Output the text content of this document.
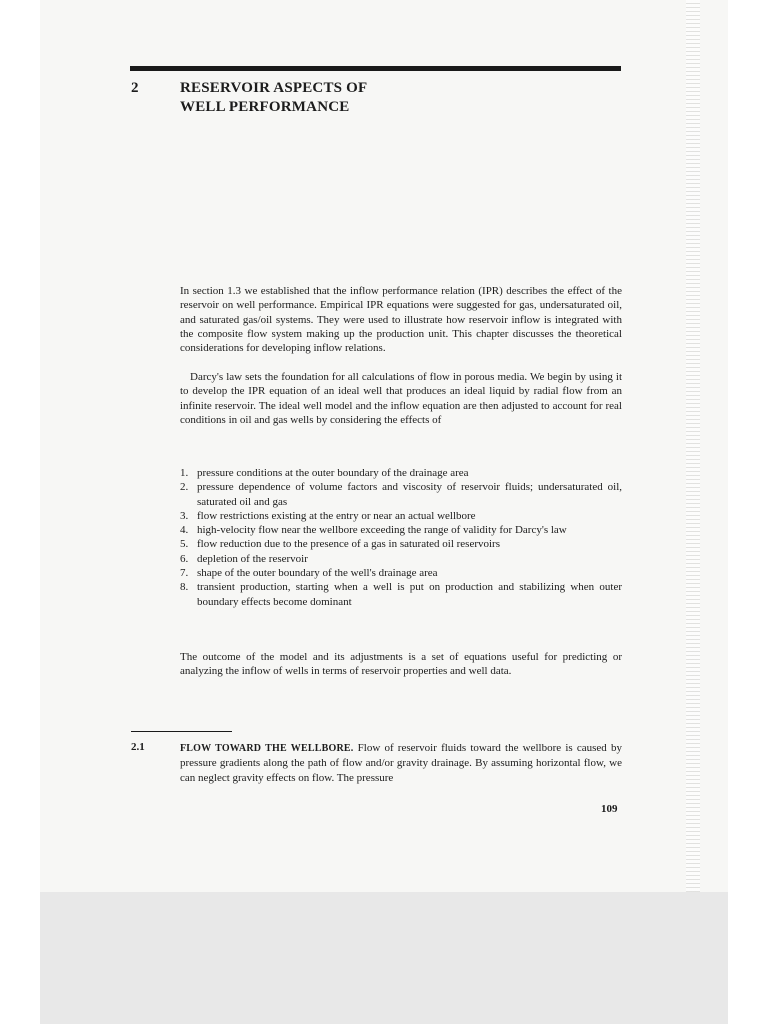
2	RESERVOIR ASPECTS OF
WELL PERFORMANCE
In section 1.3 we established that the inflow performance relation (IPR) describes the effect of the reservoir on well performance. Empirical IPR equations were suggested for gas, undersaturated oil, and saturated gas/oil systems. They were used to illustrate how reservoir inflow is integrated with the composite flow system making up the production unit. This chapter discusses the theoretical considerations for developing inflow relations.
Darcy's law sets the foundation for all calculations of flow in porous media. We begin by using it to develop the IPR equation of an ideal well that produces an ideal liquid by radial flow from an infinite reservoir. The ideal well model and the inflow equation are then adjusted to account for real conditions in oil and gas wells by considering the effects of
1. pressure conditions at the outer boundary of the drainage area
2. pressure dependence of volume factors and viscosity of reservoir fluids; undersaturated oil, saturated oil and gas
3. flow restrictions existing at the entry or near an actual wellbore
4. high-velocity flow near the wellbore exceeding the range of validity for Darcy's law
5. flow reduction due to the presence of a gas in saturated oil reservoirs
6. depletion of the reservoir
7. shape of the outer boundary of the well's drainage area
8. transient production, starting when a well is put on production and stabilizing when outer boundary effects become dominant
The outcome of the model and its adjustments is a set of equations useful for predicting or analyzing the inflow of wells in terms of reservoir properties and well data.
2.1	FLOW TOWARD THE WELLBORE. Flow of reservoir fluids toward the wellbore is caused by pressure gradients along the path of flow and/or gravity drainage. By assuming horizontal flow, we can neglect gravity effects on flow. The pressure
109
